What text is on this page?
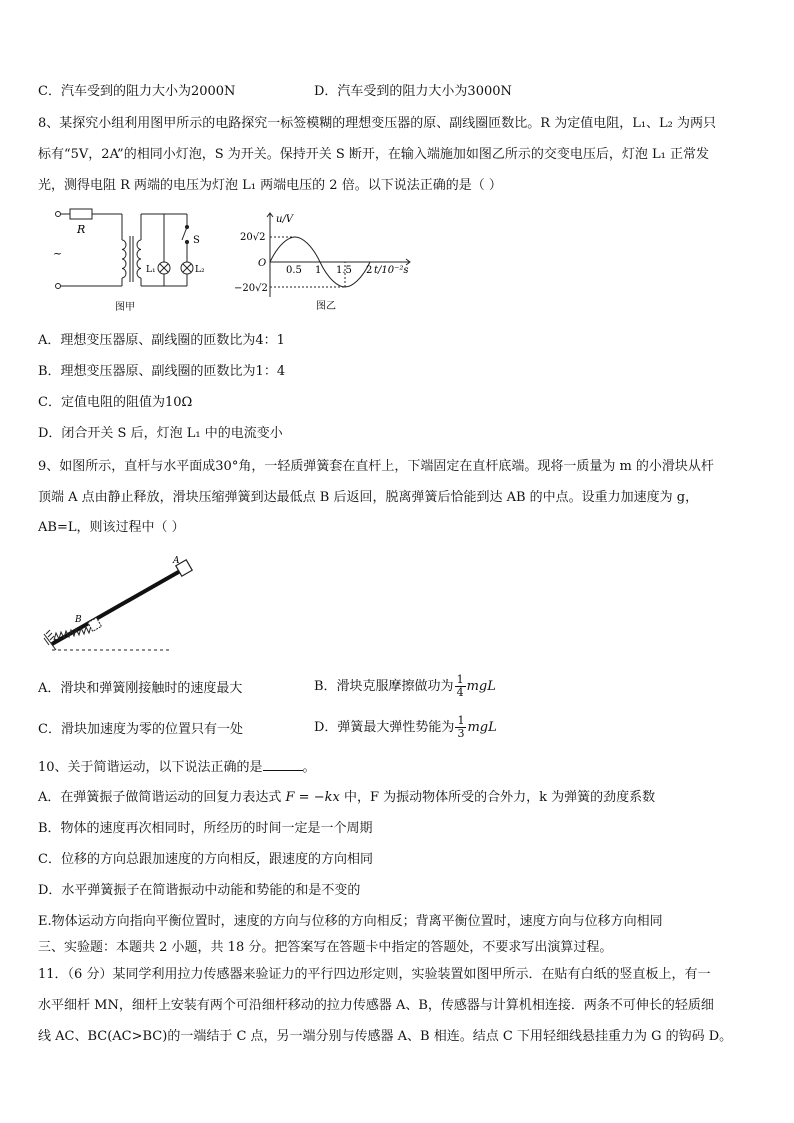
C．汽车受到的阻力大小为2000N	D．汽车受到的阻力大小为3000N
8、某探究小组利用图甲所示的电路探究一标签模糊的理想变压器的原、副线圈匝数比。R 为定值电阻，L₁、L₂ 为两只
标有“5V，2A”的相同小灯泡，S 为开关。保持开关 S 断开，在输入端施加如图乙所示的交变电压后，灯泡 L₁ 正常发
光，测得电阻 R 两端的电压为灯泡 L₁ 两端电压的 2 倍。以下说法正确的是（ ）
R
~
S
L₁	L₂
图甲
u/V
20√2
O
−20√2
0.5 1 1.5 2 t/10⁻²s
图乙
A．理想变压器原、副线圈的匝数比为4：1
B．理想变压器原、副线圈的匝数比为1：4
C．定值电阻的阻值为10Ω
D．闭合开关 S 后，灯泡 L₁ 中的电流变小
9、如图所示，直杆与水平面成30°角，一轻质弹簧套在直杆上，下端固定在直杆底端。现将一质量为 m 的小滑块从杆
顶端 A 点由静止释放，滑块压缩弹簧到达最低点 B 后返回，脱离弹簧后恰能到达 AB 的中点。设重力加速度为 g，
AB=L，则该过程中（ ）
A
B
A．滑块和弹簧刚接触时的速度最大	B．滑块克服摩擦做功为 $\frac{1}{4}$ mgL
C．滑块加速度为零的位置只有一处	D．弹簧最大弹性势能为 $\frac{1}{3}$ mgL
10、关于简谐运动，以下说法正确的是	。
A．在弹簧振子做简谐运动的回复力表达式 F = −kx 中，F 为振动物体所受的合外力，k 为弹簧的劲度系数
B．物体的速度再次相同时，所经历的时间一定是一个周期
C．位移的方向总跟加速度的方向相反，跟速度的方向相同
D．水平弹簧振子在简谐振动中动能和势能的和是不变的
E.物体运动方向指向平衡位置时，速度的方向与位移的方向相反；背离平衡位置时，速度方向与位移方向相同
三、实验题：本题共 2 小题，共 18 分。把答案写在答题卡中指定的答题处，不要求写出演算过程。
11．（6 分）某同学利用拉力传感器来验证力的平行四边形定则，实验装置如图甲所示．在贴有白纸的竖直板上，有一
水平细杆 MN，细杆上安装有两个可沿细杆移动的拉力传感器 A、B，传感器与计算机相连接．两条不可伸长的轻质细
线 AC、BC(AC>BC)的一端结于 C 点，另一端分别与传感器 A、B 相连。结点 C 下用轻细线悬挂重力为 G 的钩码 D。
